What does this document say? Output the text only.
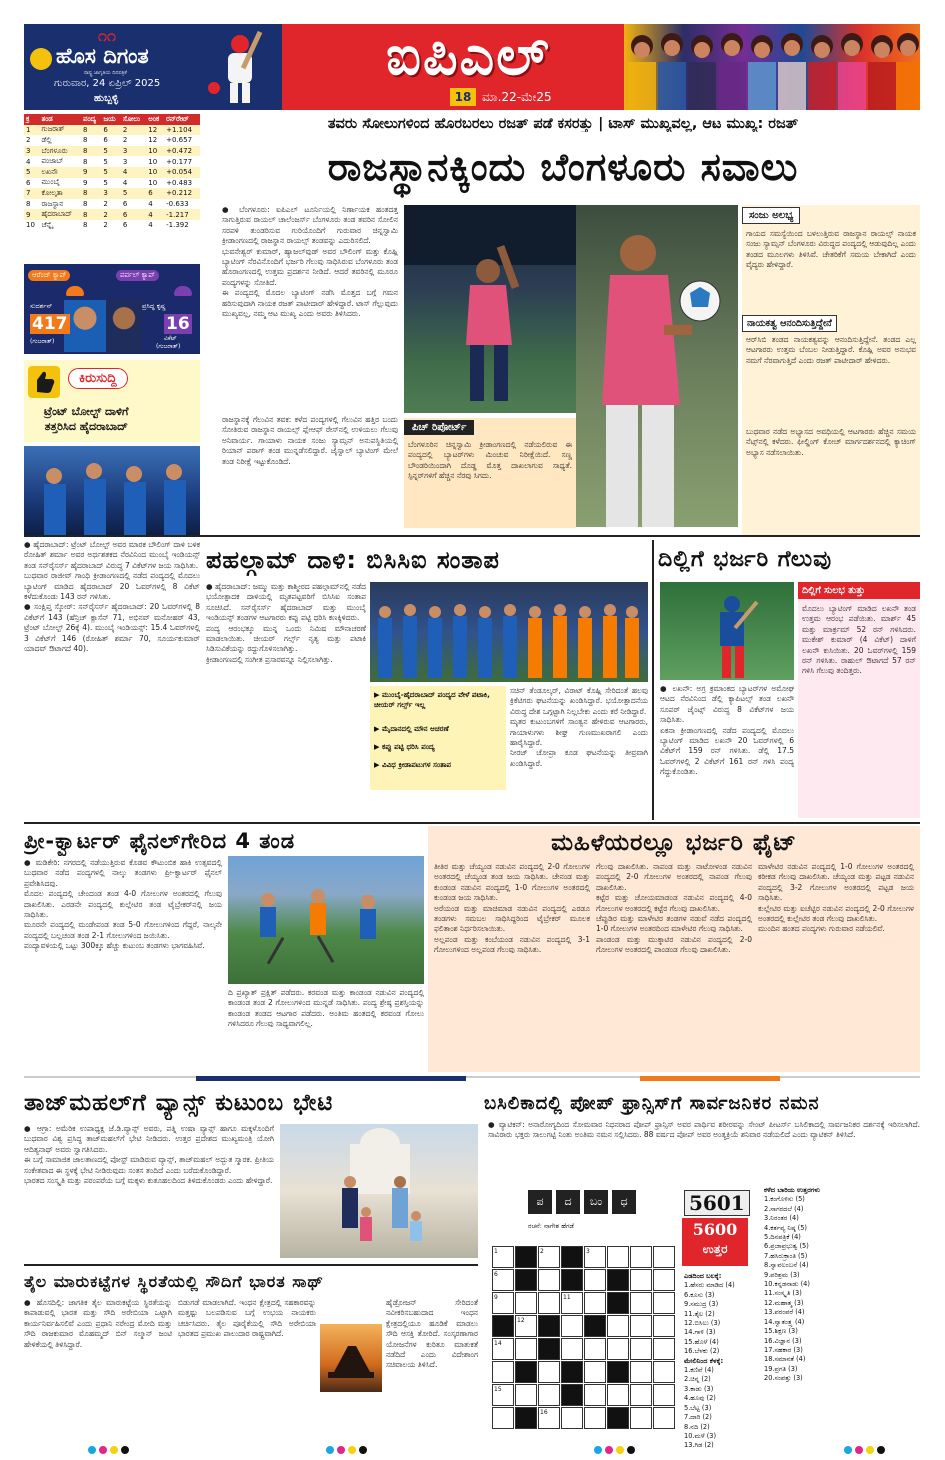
೧೧
ಹೊಸ ದಿಗಂತ
ರಾಷ್ಟ್ರ ಜಾಗೃತಿಯ ದಿನಪತ್ರಿಕೆ
ಗುರುವಾರ, 24 ಏಪ್ರಿಲ್ 2025
ಹುಬ್ಬಳ್ಳಿ
ಐಪಿಎಲ್
18 ಮಾ.22-ಮೇ25
ಕ್ರ	ತಂಡ	ಪಂದ್ಯ	ಜಯ	ಸೋಲು	ಅಂಕ	ರನ್‌ರೇಟ್
1	ಗುಜರಾತ್	8	6	2	12	+1.104
2	ಡೆಲ್ಲಿ	8	6	2	12	+0.657
3	ಬೆಂಗಳೂರು	8	5	3	10	+0.472
4	ಪಂಜಾಬ್	8	5	3	10	+0.177
5	ಲಖನೌ	9	5	4	10	+0.054
6	ಮುಂಬೈ	9	5	4	10	+0.483
7	ಕೋಲ್ಕತಾ	8	3	5	6	+0.212
8	ರಾಜಸ್ಥಾನ	8	2	6	4	-0.633
9	ಹೈದರಾಬಾದ್	8	2	6	4	-1.217
10	ಚೆನ್ನೈ	8	2	6	4	-1.392
ಆರೆಂಜ್ ಕ್ಯಾಪ್	ಪರ್ಪಲ್ ಕ್ಯಾಪ್
ಸುದರ್ಶನ್	ಪ್ರಸಿದ್ಧ ಕೃಷ್ಣ
417	16
(ಗುಜರಾತ್)	ವಿಕೆಟ್
(ಗುಜರಾತ್)
ಕಿರುಸುದ್ದಿ
ಟ್ರೆಂಟ್ ಬೋಲ್ಟ್ ದಾಳಿಗೆ
ತತ್ತರಿಸಿದ ಹೈದರಾಬಾದ್
● ಹೈದರಾಬಾದ್: ಟ್ರೆಂಟ್ ಬೋಲ್ಟ್ ಅವರ ಮಾರಕ ಬೌಲಿಂಗ್ ದಾಳಿ ಬಳಿಕ ರೋಹಿತ್ ಶರ್ಮಾ ಅವರ ಅರ್ಧಶತಕದ ನೆರವಿನಿಂದ ಮುಂಬೈ ಇಂಡಿಯನ್ಸ್ ತಂಡ ಸನ್‌ರೈಸರ್ಸ್ ಹೈದರಾಬಾದ್ ವಿರುದ್ಧ 7 ವಿಕೆಟ್‌ಗಳ ಜಯ ಸಾಧಿಸಿತು.
ಬುಧವಾರ ರಾಜೀವ್ ಗಾಂಧಿ ಕ್ರೀಡಾಂಗಣದಲ್ಲಿ ನಡೆದ ಪಂದ್ಯದಲ್ಲಿ ಮೊದಲು ಬ್ಯಾಟಿಂಗ್ ಮಾಡಿದ ಹೈದರಾಬಾದ್ 20 ಓವರ್‌ಗಳಲ್ಲಿ 8 ವಿಕೆಟ್ ಕಳೆದುಕೊಂಡು 143 ರನ್ ಗಳಿಸಿತು.
● ಸಂಕ್ಷಿಪ್ತ ಸ್ಕೋರ್: ಸನ್‌ರೈಸರ್ಸ್ ಹೈದರಾಬಾದ್: 20 ಓವರ್‌ಗಳಲ್ಲಿ 8 ವಿಕೆಟ್‌ಗೆ 143 (ಹೆನ್ರಿಚ್ ಕ್ಲಾಸೆನ್ 71, ಅಭಿನವ್ ಮನೋಹರ್ 43, ಟ್ರೆಂಟ್ ಬೋಲ್ಟ್ 26ಕ್ಕೆ 4). ಮುಂಬೈ ಇಂಡಿಯನ್ಸ್: 15.4 ಓವರ್‌ಗಳಲ್ಲಿ 3 ವಿಕೆಟ್‌ಗೆ 146 (ರೋಹಿತ್ ಶರ್ಮಾ 70, ಸೂರ್ಯಕುಮಾರ್ ಯಾದವ್ ಔಟಾಗದೆ 40).
ತವರು ಸೋಲುಗಳಿಂದ ಹೊರಬರಲು ರಜತ್ ಪಡೆ ಕಸರತ್ತು | ಟಾಸ್ ಮುಖ್ಯವಲ್ಲ, ಆಟ ಮುಖ್ಯ: ರಜತ್
ರಾಜಸ್ಥಾನಕ್ಕಿಂದು ಬೆಂಗಳೂರು ಸವಾಲು
● ಬೆಂಗಳೂರು: ಐಪಿಎಲ್ ಟೂರ್ನಿಯಲ್ಲಿ ನಿರ್ಣಾಯಕ ಹಂತದತ್ತ ಸಾಗುತ್ತಿರುವ ರಾಯಲ್ ಚಾಲೆಂಜರ್ಸ್ ಬೆಂಗಳೂರು ತಂಡ ತವರಿನ ಸೋಲಿನ ಸರಪಳಿ ತುಂಡರಿಸುವ ಗುರಿಯೊಂದಿಗೆ ಗುರುವಾರ ಚಿನ್ನಸ್ವಾಮಿ ಕ್ರೀಡಾಂಗಣದಲ್ಲಿ ರಾಜಸ್ಥಾನ ರಾಯಲ್ಸ್ ತಂಡವನ್ನು ಎದುರಿಸಲಿದೆ.
ಭುವನೇಶ್ವರ್ ಕುಮಾರ್, ಹ್ಯಾಜಲ್‌ವುಡ್ ಅವರ ಬೌಲಿಂಗ್ ಮತ್ತು ಕೊಹ್ಲಿ ಬ್ಯಾಟಿಂಗ್ ನೆರವಿನೊಂದಿಗೆ ಭರ್ಜರಿ ಗೆಲುವು ಸಾಧಿಸಿರುವ ಬೆಂಗಳೂರು ತಂಡ ಹೊರಾಂಗಣದಲ್ಲಿ ಉತ್ತಮ ಪ್ರದರ್ಶನ ನೀಡಿದೆ. ಆದರೆ ತವರಿನಲ್ಲಿ ಮೂರೂ ಪಂದ್ಯಗಳನ್ನು ಸೋತಿದೆ.
ಈ ಪಂದ್ಯದಲ್ಲಿ ಮೊದಲ ಬ್ಯಾಟಿಂಗ್ ನಡೆಸಿ ಮೊತ್ತದ ಬಗ್ಗೆ ಗಮನ ಹರಿಸುವುದಾಗಿ ನಾಯಕ ರಜತ್ ಪಾಟೀದಾರ್ ಹೇಳಿದ್ದಾರೆ. ಟಾಸ್ ಗೆಲ್ಲುವುದು ಮುಖ್ಯವಲ್ಲ, ನಮ್ಮ ಆಟ ಮುಖ್ಯ ಎಂದು ಅವರು ತಿಳಿಸಿದರು.
ರಾಜಸ್ಥಾನಕ್ಕೆ ಗೆಲುವಿನ ತವಕ: ಕಳೆದ ಪಂದ್ಯಗಳಲ್ಲಿ ಗೆಲುವಿನ ಹತ್ತಿರ ಬಂದು ಸೋತಿರುವ ರಾಜಸ್ಥಾನ ರಾಯಲ್ಸ್ ಪ್ಲೇಆಫ್ ರೇಸ್‌ನಲ್ಲಿ ಉಳಿಯಲು ಗೆಲುವು ಅನಿವಾರ್ಯ. ಗಾಯಾಳು ನಾಯಕ ಸಂಜು ಸ್ಯಾಮ್ಸನ್ ಅನುಪಸ್ಥಿತಿಯಲ್ಲಿ ರಿಯಾನ್ ಪರಾಗ್ ತಂಡ ಮುನ್ನಡೆಸಲಿದ್ದಾರೆ. ಜೈಸ್ವಾಲ್ ಬ್ಯಾಟಿಂಗ್ ಮೇಲೆ ತಂಡ ನಿರೀಕ್ಷೆ ಇಟ್ಟುಕೊಂಡಿದೆ.
ಪಿಚ್ ರಿಪೋರ್ಟ್
ಬೆಂಗಳೂರಿನ ಚಿನ್ನಸ್ವಾಮಿ ಕ್ರೀಡಾಂಗಣದಲ್ಲಿ ನಡೆಯಲಿರುವ ಈ ಪಂದ್ಯದಲ್ಲಿ ಬ್ಯಾಟರ್‌ಗಳು ಮಿಂಚುವ ನಿರೀಕ್ಷೆಯಿದೆ. ಸಣ್ಣ ಬೌಂಡರಿಯಿಂದಾಗಿ ದೊಡ್ಡ ಮೊತ್ತ ದಾಖಲಾಗುವ ಸಾಧ್ಯತೆ. ಸ್ಪಿನ್ನರ್‌ಗಳಿಗೆ ಹೆಚ್ಚಿನ ನೆರವು ಸಿಗದು.
ಸಂಜು ಅಲಭ್ಯ
ಗಾಯದ ಸಮಸ್ಯೆಯಿಂದ ಬಳಲುತ್ತಿರುವ ರಾಜಸ್ಥಾನ ರಾಯಲ್ಸ್ ನಾಯಕ ಸಂಜು ಸ್ಯಾಮ್ಸನ್ ಬೆಂಗಳೂರು ವಿರುದ್ಧದ ಪಂದ್ಯದಲ್ಲಿ ಆಡುವುದಿಲ್ಲ ಎಂದು ತಂಡದ ಮೂಲಗಳು ತಿಳಿಸಿವೆ. ಚೇತರಿಕೆಗೆ ಸಮಯ ಬೇಕಾಗಿದೆ ಎಂದು ವೈದ್ಯರು ಹೇಳಿದ್ದಾರೆ.
ನಾಯಕತ್ವ ಆನಂದಿಸುತ್ತಿದ್ದೇನೆ
ಆರ್‌ಸಿಬಿ ತಂಡದ ನಾಯಕತ್ವವನ್ನು ಆನಂದಿಸುತ್ತಿದ್ದೇನೆ. ತಂಡದ ಎಲ್ಲ ಆಟಗಾರರು ಉತ್ತಮ ಬೆಂಬಲ ನೀಡುತ್ತಿದ್ದಾರೆ. ಕೊಹ್ಲಿ ಅವರ ಅನುಭವ ನಮಗೆ ನೆರವಾಗುತ್ತಿದೆ ಎಂದು ರಜತ್ ಪಾಟೀದಾರ್ ಹೇಳಿದರು.
ಬುಧವಾರ ನಡೆದ ಅಭ್ಯಾಸದ ಅವಧಿಯಲ್ಲಿ ಆಟಗಾರರು ಹೆಚ್ಚಿನ ಸಮಯ ನೆಟ್ಸ್‌ನಲ್ಲಿ ಕಳೆದರು. ಫೀಲ್ಡಿಂಗ್ ಕೋಚ್ ಮಾರ್ಗದರ್ಶನದಲ್ಲಿ ಕ್ಯಾಚಿಂಗ್ ಅಭ್ಯಾಸ ನಡೆಸಲಾಯಿತು.
ಪಹಲ್ಗಾಮ್ ದಾಳಿ: ಬಿಸಿಸಿಐ ಸಂತಾಪ
● ಹೈದರಾಬಾದ್: ಜಮ್ಮು ಮತ್ತು ಕಾಶ್ಮೀರದ ಪಹಲ್ಗಾಮ್‌ನಲ್ಲಿ ನಡೆದ ಭಯೋತ್ಪಾದಕ ದಾಳಿಯಲ್ಲಿ ಮೃತಪಟ್ಟವರಿಗೆ ಬಿಸಿಸಿಐ ಸಂತಾಪ ಸೂಚಿಸಿದೆ. ಸನ್‌ರೈಸರ್ಸ್ ಹೈದರಾಬಾದ್ ಮತ್ತು ಮುಂಬೈ ಇಂಡಿಯನ್ಸ್ ತಂಡಗಳ ಆಟಗಾರರು ಕಪ್ಪು ಪಟ್ಟಿ ಧರಿಸಿ ಕಣಕ್ಕಿಳಿದರು.
ಪಂದ್ಯ ಆರಂಭಕ್ಕೂ ಮುನ್ನ ಒಂದು ನಿಮಿಷ ಮೌನಾಚರಣೆ ಮಾಡಲಾಯಿತು. ಚೀಯರ್ ಗರ್ಲ್ಸ್ ನೃತ್ಯ ಮತ್ತು ಪಟಾಕಿ ಸಿಡಿಸುವಿಕೆಯನ್ನು ರದ್ದುಗೊಳಿಸಲಾಗಿತ್ತು.
ಕ್ರೀಡಾಂಗಣದಲ್ಲಿ ಸಂಗೀತ ಪ್ರಸಾರವನ್ನೂ ನಿಲ್ಲಿಸಲಾಗಿತ್ತು.
▶ ಮುಂಬೈ-ಹೈದರಾಬಾದ್ ಪಂದ್ಯದ ವೇಳೆ ಪಟಾಕಿ, ಚೀಯರ್ ಗರ್ಲ್ಸ್ ಇಲ್ಲ
▶ ಮೈದಾನದಲ್ಲಿ ಮೌನ ಆಚರಣೆ
▶ ಕಪ್ಪು ಪಟ್ಟಿ ಧರಿಸಿ ಪಂದ್ಯ
▶ ವಿವಿಧ ಕ್ರೀಡಾಪಟುಗಳ ಸಂತಾಪ
ಸಚಿನ್ ತೆಂಡೂಲ್ಕರ್, ವಿರಾಟ್ ಕೊಹ್ಲಿ ಸೇರಿದಂತೆ ಹಲವು ಕ್ರಿಕೆಟಿಗರು ಘಟನೆಯನ್ನು ಖಂಡಿಸಿದ್ದಾರೆ. ಭಯೋತ್ಪಾದನೆಯ ವಿರುದ್ಧ ದೇಶ ಒಗ್ಗಟ್ಟಾಗಿ ನಿಲ್ಲಬೇಕು ಎಂದು ಕರೆ ನೀಡಿದ್ದಾರೆ.
ಮೃತರ ಕುಟುಂಬಗಳಿಗೆ ಸಾಂತ್ವನ ಹೇಳಿರುವ ಆಟಗಾರರು, ಗಾಯಾಳುಗಳು ಶೀಘ್ರ ಗುಣಮುಖರಾಗಲಿ ಎಂದು ಹಾರೈಸಿದ್ದಾರೆ.
ನೀರಜ್ ಚೋಪ್ರಾ ಕೂಡ ಘಟನೆಯನ್ನು ತೀವ್ರವಾಗಿ ಖಂಡಿಸಿದ್ದಾರೆ.
ದಿಲ್ಲಿಗೆ ಭರ್ಜರಿ ಗೆಲುವು
ದಿಲ್ಲಿಗೆ ಸುಲಭ ತುತ್ತು
ಮೊದಲು ಬ್ಯಾಟಿಂಗ್ ಮಾಡಿದ ಲಖನೌ ತಂಡ ಉತ್ತಮ ಆರಂಭ ಪಡೆಯಿತು. ಮಾರ್ಶ್ 45 ಮತ್ತು ಮಾರ್ಕ್ರಮ್ 52 ರನ್ ಗಳಿಸಿದರು. ಮುಕೇಶ್ ಕುಮಾರ್ (4 ವಿಕೆಟ್) ದಾಳಿಗೆ ಲಖನೌ ಕುಸಿಯಿತು. 20 ಓವರ್‌ಗಳಲ್ಲಿ 159 ರನ್ ಗಳಿಸಿತು. ರಾಹುಲ್ ಔಟಾಗದೆ 57 ರನ್ ಗಳಿಸಿ ಗೆಲುವು ತಂದಿತ್ತರು.
● ಲಖನೌ: ಅಗ್ರ ಕ್ರಮಾಂಕದ ಬ್ಯಾಟರ್‌ಗಳ ಅಮೋಘ ಆಟದ ನೆರವಿನಿಂದ ಡೆಲ್ಲಿ ಕ್ಯಾಪಿಟಲ್ಸ್ ತಂಡ ಲಖನೌ ಸೂಪರ್ ಜೈಂಟ್ಸ್ ವಿರುದ್ಧ 8 ವಿಕೆಟ್‌ಗಳ ಜಯ ಸಾಧಿಸಿತು.
ಏಕನಾ ಕ್ರೀಡಾಂಗಣದಲ್ಲಿ ನಡೆದ ಪಂದ್ಯದಲ್ಲಿ ಮೊದಲು ಬ್ಯಾಟಿಂಗ್ ಮಾಡಿದ ಲಖನೌ 20 ಓವರ್‌ಗಳಲ್ಲಿ 6 ವಿಕೆಟ್‌ಗೆ 159 ರನ್ ಗಳಿಸಿತು. ಡೆಲ್ಲಿ 17.5 ಓವರ್‌ಗಳಲ್ಲಿ 2 ವಿಕೆಟ್‌ಗೆ 161 ರನ್ ಗಳಿಸಿ ಪಂದ್ಯ ಗೆದ್ದುಕೊಂಡಿತು.
ಪ್ರೀ-ಕ್ವಾರ್ಟರ್ ಫೈನಲ್‌ಗೇರಿದ 4 ತಂಡ
● ಮಡಿಕೇರಿ: ನಗರದಲ್ಲಿ ನಡೆಯುತ್ತಿರುವ ಕೊಡವ ಕೌಟುಂಬಿಕ ಹಾಕಿ ಉತ್ಸವದಲ್ಲಿ ಬುಧವಾರ ನಡೆದ ಪಂದ್ಯಗಳಲ್ಲಿ ನಾಲ್ಕು ತಂಡಗಳು ಪ್ರೀ-ಕ್ವಾರ್ಟರ್ ಫೈನಲ್ ಪ್ರವೇಶಿಸಿದವು.
ಮೊದಲ ಪಂದ್ಯದಲ್ಲಿ ಚೇಂದಂಡ ತಂಡ 4-0 ಗೋಲುಗಳ ಅಂತರದಲ್ಲಿ ಗೆಲುವು ದಾಖಲಿಸಿತು. ಎರಡನೇ ಪಂದ್ಯದಲ್ಲಿ ಕುಲ್ಲೇಟಿರ ತಂಡ ಟೈಬ್ರೇಕರ್‌ನಲ್ಲಿ ಜಯ ಸಾಧಿಸಿತು.
ಮೂರನೇ ಪಂದ್ಯದಲ್ಲಿ ಮಂಡೇಪಂಡ ತಂಡ 5-0 ಗೋಲುಗಳಿಂದ ಗೆದ್ದರೆ, ನಾಲ್ಕನೇ ಪಂದ್ಯದಲ್ಲಿ ಬಲ್ಲಚಂಡ ತಂಡ 2-1 ಗೋಲುಗಳಿಂದ ಜಯಿಸಿತು.
ಪಂದ್ಯಾವಳಿಯಲ್ಲಿ ಒಟ್ಟು 300ಕ್ಕೂ ಹೆಚ್ಚು ಕುಟುಂಬ ತಂಡಗಳು ಭಾಗವಹಿಸಿವೆ.
ದಿ ಪ್ರಖ್ಯಾತ್ ಪ್ರಕ್ಷಿತ್ ಪಡೆದರು. ಕರವಂಡ ಮತ್ತು ಕಾಂಡಂಡ ನಡುವಿನ ಪಂದ್ಯದಲ್ಲಿ ಕಾಂಡಂಡ ತಂಡ 2 ಗೋಲುಗಳಿಂದ ಮುನ್ನಡೆ ಸಾಧಿಸಿತು. ಪಂದ್ಯ ಶ್ರೇಷ್ಠ ಪ್ರಶಸ್ತಿಯನ್ನು ಕಾಂಡಂಡ ತಂಡದ ಆಟಗಾರ ಪಡೆದರು. ಅಂತಿಮ ಹಂತದಲ್ಲಿ ಕರವಂಡ ಗೋಲು ಗಳಿಸಿದರೂ ಗೆಲುವು ಸಾಧ್ಯವಾಗಲಿಲ್ಲ.
ಮಹಿಳೆಯರಲ್ಲೂ ಭರ್ಜರಿ ಫೈಟ್
ತೀತಿರ ಮತ್ತು ಚೆಯ್ಯಂಡ ನಡುವಿನ ಪಂದ್ಯದಲ್ಲಿ 2-0 ಗೋಲುಗಳ ಅಂತರದಲ್ಲಿ ಚೆಯ್ಯಂಡ ತಂಡ ಜಯ ಸಾಧಿಸಿತು. ಚೇನಂಡ ಮತ್ತು ಕುಂಡಂಡ ನಡುವಿನ ಪಂದ್ಯದಲ್ಲಿ 1-0 ಗೋಲುಗಳ ಅಂತರದಲ್ಲಿ ಕುಂಡಂಡ ಜಯ ಸಾಧಿಸಿತು.
ಅರೆಯಂಡ ಮತ್ತು ಮಾಚಿಮಾಡ ನಡುವಿನ ಪಂದ್ಯದಲ್ಲಿ ಎರಡೂ ತಂಡಗಳು ಸಮಬಲ ಸಾಧಿಸಿದ್ದರಿಂದ ಟೈಬ್ರೇಕರ್ ಮೂಲಕ ಫಲಿತಾಂಶ ನಿರ್ಧರಿಸಲಾಯಿತು.
ಅಲ್ಲಪಂಡ ಮತ್ತು ಕಂಬೆಯಂಡ ನಡುವಿನ ಪಂದ್ಯದಲ್ಲಿ 3-1 ಗೋಲುಗಳಿಂದ ಅಲ್ಲಪಂಡ ಗೆಲುವು ಸಾಧಿಸಿತು.
ಗೆಲುವು ದಾಖಲಿಸಿತು. ನಾಪಂಡ ಮತ್ತು ನಾಟೋಳಂಡ ನಡುವಿನ ಪಂದ್ಯದಲ್ಲಿ 2-0 ಗೋಲುಗಳ ಅಂತರದಲ್ಲಿ ನಾಪಂಡ ಗೆಲುವು ದಾಖಲಿಸಿತು.
ಕಟ್ಟೆರ ಮತ್ತು ಚೋಯಮಾಡಂಡ ನಡುವಿನ ಪಂದ್ಯದಲ್ಲಿ 4-0 ಗೋಲುಗಳ ಅಂತರದಲ್ಲಿ ಕಟ್ಟೆರ ಗೆಲುವು ದಾಖಲಿಸಿತು.
ಚೆಪ್ಪುಡಿರ ಮತ್ತು ಮಾಳೇಟಿರ ತಂಡಗಳ ನಡುವೆ ನಡೆದ ಪಂದ್ಯದಲ್ಲಿ 1-0 ಗೋಲುಗಳ ಅಂತರದಿಂದ ಮಾಳೇಟಿರ ಗೆಲುವು ಸಾಧಿಸಿತು.
ಪಾಂಡಂಡ ಮತ್ತು ಮುಕ್ಕಾಟಿರ ನಡುವಿನ ಪಂದ್ಯದಲ್ಲಿ 2-0 ಗೋಲುಗಳ ಅಂತರದಲ್ಲಿ ಪಾಂಡಂಡ ಗೆಲುವು ದಾಖಲಿಸಿತು.
ಮಾಳೇಟಿರ ನಡುವಿನ ಪಂದ್ಯದಲ್ಲಿ 1-0 ಗೋಲುಗಳ ಅಂತರದಲ್ಲಿ ಕರೀಕಡ ಗೆಲುವು ದಾಖಲಿಸಿತು. ಚೆಯ್ಯಂಡ ಮತ್ತು ಪಟ್ಟಡ ನಡುವಿನ ಪಂದ್ಯದಲ್ಲಿ 3-2 ಗೋಲುಗಳ ಅಂತರದಲ್ಲಿ ಪಟ್ಟಡ ಜಯ ಸಾಧಿಸಿತು.
ಕುಲ್ಲೇಟಿರ ಮತ್ತು ಐಚೆಟ್ಟಿರ ನಡುವಿನ ಪಂದ್ಯದಲ್ಲಿ 2-0 ಗೋಲುಗಳ ಅಂತರದಲ್ಲಿ ಕುಲ್ಲೇಟಿರ ತಂಡ ಗೆಲುವು ದಾಖಲಿಸಿತು.
ಮುಂದಿನ ಹಂತದ ಪಂದ್ಯಗಳು ಗುರುವಾರ ನಡೆಯಲಿವೆ.
ತಾಜ್‌ಮಹಲ್‌ಗೆ ವ್ಯಾನ್ಸ್ ಕುಟುಂಬ ಭೇಟಿ
● ಆಗ್ರಾ: ಅಮೆರಿಕ ಉಪಾಧ್ಯಕ್ಷ ಜೆ.ಡಿ.ವ್ಯಾನ್ಸ್ ಅವರು, ಪತ್ನಿ ಉಷಾ ವ್ಯಾನ್ಸ್ ಹಾಗೂ ಮಕ್ಕಳೊಂದಿಗೆ ಬುಧವಾರ ವಿಶ್ವ ಪ್ರಸಿದ್ಧ ತಾಜ್‌ಮಹಲ್‌ಗೆ ಭೇಟಿ ನೀಡಿದರು. ಉತ್ತರ ಪ್ರದೇಶದ ಮುಖ್ಯಮಂತ್ರಿ ಯೋಗಿ ಆದಿತ್ಯನಾಥ್ ಅವರು ಸ್ವಾಗತಿಸಿದರು.
ಈ ಬಗ್ಗೆ ಸಾಮಾಜಿಕ ಜಾಲತಾಣದಲ್ಲಿ ಪೋಸ್ಟ್ ಮಾಡಿರುವ ವ್ಯಾನ್ಸ್, ತಾಜ್‌ಮಹಲ್ ಅದ್ಭುತ ಸ್ಮಾರಕ. ಪ್ರೀತಿಯ ಸಂಕೇತವಾದ ಈ ಸ್ಥಳಕ್ಕೆ ಭೇಟಿ ನೀಡಿರುವುದು ಸಂತಸ ತಂದಿದೆ ಎಂದು ಬರೆದುಕೊಂಡಿದ್ದಾರೆ.
ಭಾರತದ ಸಂಸ್ಕೃತಿ ಮತ್ತು ಪರಂಪರೆಯ ಬಗ್ಗೆ ಮಕ್ಕಳು ಕುತೂಹಲದಿಂದ ತಿಳಿದುಕೊಂಡರು ಎಂದು ಹೇಳಿದ್ದಾರೆ.
ತೈಲ ಮಾರುಕಟ್ಟೆಗಳ ಸ್ಥಿರತೆಯಲ್ಲಿ ಸೌದಿಗೆ ಭಾರತ ಸಾಥ್
● ಹೊಸದಿಲ್ಲಿ: ಜಾಗತಿಕ ತೈಲ ಮಾರುಕಟ್ಟೆಯ ಸ್ಥಿರತೆಯನ್ನು ಕಾಪಾಡುವಲ್ಲಿ ಭಾರತ ಮತ್ತು ಸೌದಿ ಅರೇಬಿಯಾ ಒಟ್ಟಾಗಿ ಕಾರ್ಯನಿರ್ವಹಿಸಲಿವೆ ಎಂದು ಪ್ರಧಾನಿ ನರೇಂದ್ರ ಮೋದಿ ಮತ್ತು ಸೌದಿ ರಾಜಕುಮಾರ ಮೊಹಮ್ಮದ್ ಬಿನ್ ಸಲ್ಮಾನ್ ಜಂಟಿ ಹೇಳಿಕೆಯಲ್ಲಿ ತಿಳಿಸಿದ್ದಾರೆ.
ಬಿಡುಗಡೆ ಮಾಡಲಾಗಿದೆ. ಇಂಧನ ಕ್ಷೇತ್ರದಲ್ಲಿ ಸಹಕಾರವನ್ನು ಮತ್ತಷ್ಟು ಬಲಪಡಿಸುವ ಬಗ್ಗೆ ಉಭಯ ನಾಯಕರು ಚರ್ಚಿಸಿದರು. ತೈಲ ಪೂರೈಕೆಯಲ್ಲಿ ಸೌದಿ ಅರೇಬಿಯಾ ಭಾರತದ ಪ್ರಮುಖ ಪಾಲುದಾರ ರಾಷ್ಟ್ರವಾಗಿದೆ.
ಹೈಡ್ರೋಜನ್ ಸೇರಿದಂತೆ ನವೀಕರಿಸಬಹುದಾದ ಇಂಧನ ಕ್ಷೇತ್ರದಲ್ಲಿಯೂ ಹೂಡಿಕೆ ಮಾಡಲು ಸೌದಿ ಆಸಕ್ತಿ ತೋರಿದೆ. ಸಂಸ್ಕರಣಾಗಾರ ಯೋಜನೆಗಳ ಕುರಿತೂ ಮಾತುಕತೆ ನಡೆದಿದೆ ಎಂದು ವಿದೇಶಾಂಗ ಸಚಿವಾಲಯ ತಿಳಿಸಿದೆ.
ಬಸಿಲಿಕಾದಲ್ಲಿ ಪೋಪ್ ಫ್ರಾನ್ಸಿಸ್‌ಗೆ ಸಾರ್ವಜನಿಕರ ನಮನ
● ವ್ಯಾಟಿಕನ್: ಅನಾರೋಗ್ಯದಿಂದ ಸೋಮವಾರ ನಿಧನರಾದ ಪೋಪ್ ಫ್ರಾನ್ಸಿಸ್ ಅವರ ಪಾರ್ಥಿವ ಶರೀರವನ್ನು ಸೇಂಟ್ ಪೀಟರ್ಸ್ ಬಸಿಲಿಕಾದಲ್ಲಿ ಸಾರ್ವಜನಿಕರ ದರ್ಶನಕ್ಕೆ ಇರಿಸಲಾಗಿದೆ. ಸಾವಿರಾರು ಭಕ್ತರು ಸಾಲುಗಟ್ಟಿ ನಿಂತು ಅಂತಿಮ ನಮನ ಸಲ್ಲಿಸಿದರು. 88 ವರ್ಷದ ಪೋಪ್ ಅವರ ಅಂತ್ಯಕ್ರಿಯೆ ಶನಿವಾರ ನಡೆಯಲಿದೆ ಎಂದು ವ್ಯಾಟಿಕನ್ ತಿಳಿಸಿದೆ.
ಪ	ದ	ಬಂ	ಧ	5601
5600
ಉತ್ತರ
ರಚನೆ: ನಾಗೇಶ ಹೆಗಡೆ
1	2	3
6
9	11
12
14
15
16
ಎಡದಿಂದ ಬಲಕ್ಕೆ:
1.ಹೆಸರು ಮಾಡಿದ (4)
6.ಕೂಸು (3)
9.ಸಮುದ್ರ (3)
11.ತೈಲ (2)
12.ಬಿಸಿಲು (3)
14.ಗಾಳಿ (3)
15.ಹೊಳೆ (4)
16.ಬೆಳಕು (2)
ಮೇಲಿನಿಂದ ಕೆಳಕ್ಕೆ:
1.ಕಣಿವೆ (4)
2.ಚಿನ್ನ (2)
3.ಕಾಡು (3)
4.ಹೂವು (2)
5.ಬೆಟ್ಟ (3)
7.ದಾರಿ (2)
8.ನದಿ (2)
10.ಮಳೆ (3)
13.ಗಿಡ (2)
ಕಳೆದ ಬಾರಿಯ ಉತ್ತರಗಳು
1.ಕಂಗೊಳಿಸು (5)
2.ಸಾಗರದಲೆ (4)
3.ನಿರಂತರ (4)
4.ಕರ್ತವ್ಯ ನಿಷ್ಠ (5)
5.ದಿನಪತ್ರಿಕೆ (4)
6.ಪ್ರಜಾಪ್ರಭುತ್ವ (5)
7.ಹಸಿರುಕ್ರಾಂತಿ (5)
8.ಸ್ವಾವಲಂಬನೆ (4)
9.ಪರಿಶ್ರಮ (3)
10.ಕನ್ನಡನಾಡು (4)
11.ಸಂಸ್ಕೃತಿ (3)
12.ಮಹಾತ್ಮ (3)
13.ಪರಂಪರೆ (4)
14.ಸ್ವಾತಂತ್ರ್ಯ (4)
15.ಶಿಕ್ಷಣ (3)
16.ವಿಜ್ಞಾನ (3)
17.ಸಹಕಾರ (3)
18.ಸಮಾನತೆ (4)
19.ಪ್ರಗತಿ (3)
20.ಸಂಪತ್ತು (3)
